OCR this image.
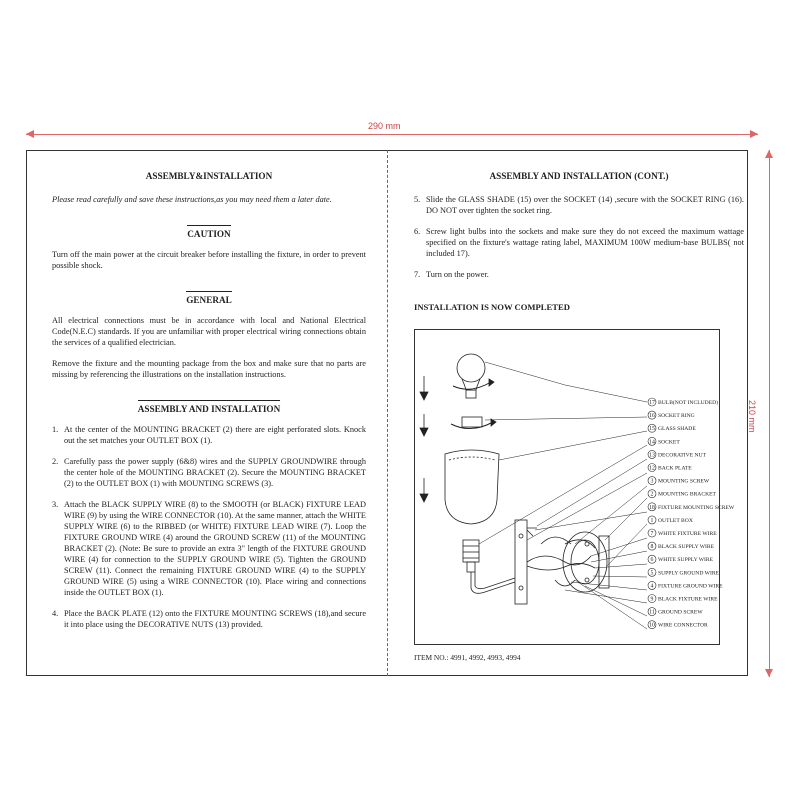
290 mm
210 mm
ASSEMBLY&INSTALLATION

Please read carefully and save these instructions,as you may need them a later date.

CAUTION

Turn off the main power at the circuit breaker before installing the fixture, in order to prevent possible shock.

GENERAL

All electrical connections must be in accordance with local and National Electrical Code(N.E.C) standards. If you are unfamiliar with proper electrical wiring connections obtain the services of a qualified electrician.

Remove the fixture and the mounting package from the box and make sure that no parts are missing by referencing the illustrations on the installation instructions.

ASSEMBLY AND INSTALLATION
1. At the center of the MOUNTING BRACKET (2) there are eight perforated slots. Knock out the set matches your OUTLET BOX (1).
2. Carefully pass the power supply (6&8) wires and the SUPPLY GROUNDWIRE through the center hole of the MOUNTING BRACKET (2). Secure the MOUNTING BRACKET (2) to the OUTLET BOX (1) with MOUNTING SCREWS (3).
3. Attach the BLACK SUPPLY WIRE (8) to the SMOOTH (or BLACK) FIXTURE LEAD WIRE (9) by using the WIRE CONNECTOR (10). At the same manner, attach the WHITE SUPPLY WIRE (6) to the RIBBED (or WHITE) FIXTURE LEAD WIRE (7). Loop the FIXTURE GROUND WIRE (4) around the GROUND SCREW (11) of the MOUNTING BRACKET (2). (Note: Be sure to provide an extra 3" length of the FIXTURE GROUND WIRE (4) for connection to the SUPPLY GROUND WIRE (5). Tighten the GROUND SCREW (11). Connect the remaining FIXTURE GROUND WIRE (4) to the SUPPLY GROUND WIRE (5) using a WIRE CONNECTOR (10). Place wiring and connections inside the OUTLET BOX (1).
4. Place the BACK PLATE (12) onto the FIXTURE MOUNTING SCREWS (18),and secure it into place using the DECORATIVE NUTS (13) provided.
ASSEMBLY AND INSTALLATION (CONT.)
5. Slide the GLASS SHADE (15) over the SOCKET (14) ,secure with the SOCKET RING (16). DO NOT over tighten the socket ring.
6. Screw light bulbs into the sockets and make sure they do not exceed the maximum wattage specified on the fixture's wattage rating label, MAXIMUM 100W medium-base BULBS( not included 17).
7. Turn on the power.
INSTALLATION IS NOW COMPLETED
17 BULB(NOT INCLUDED)
16 SOCKET RING
15 GLASS SHADE
14 SOCKET
13 DECORATIVE NUT
12 BACK PLATE
3 MOUNTING SCREW
2 MOUNTING BRACKET
18 FIXTURE MOUNTING SCREW
1 OUTLET BOX
7 WHITE FIXTURE WIRE
8 BLACK SUPPLY WIRE
6 WHITE SUPPLY WIRE
5 SUPPLY GROUND WIRE
4 FIXTURE GROUND WIRE
9 BLACK FIXTURE WIRE
11 GROUND SCREW
10 WIRE CONNECTOR
ITEM NO.: 4991, 4992, 4993, 4994
